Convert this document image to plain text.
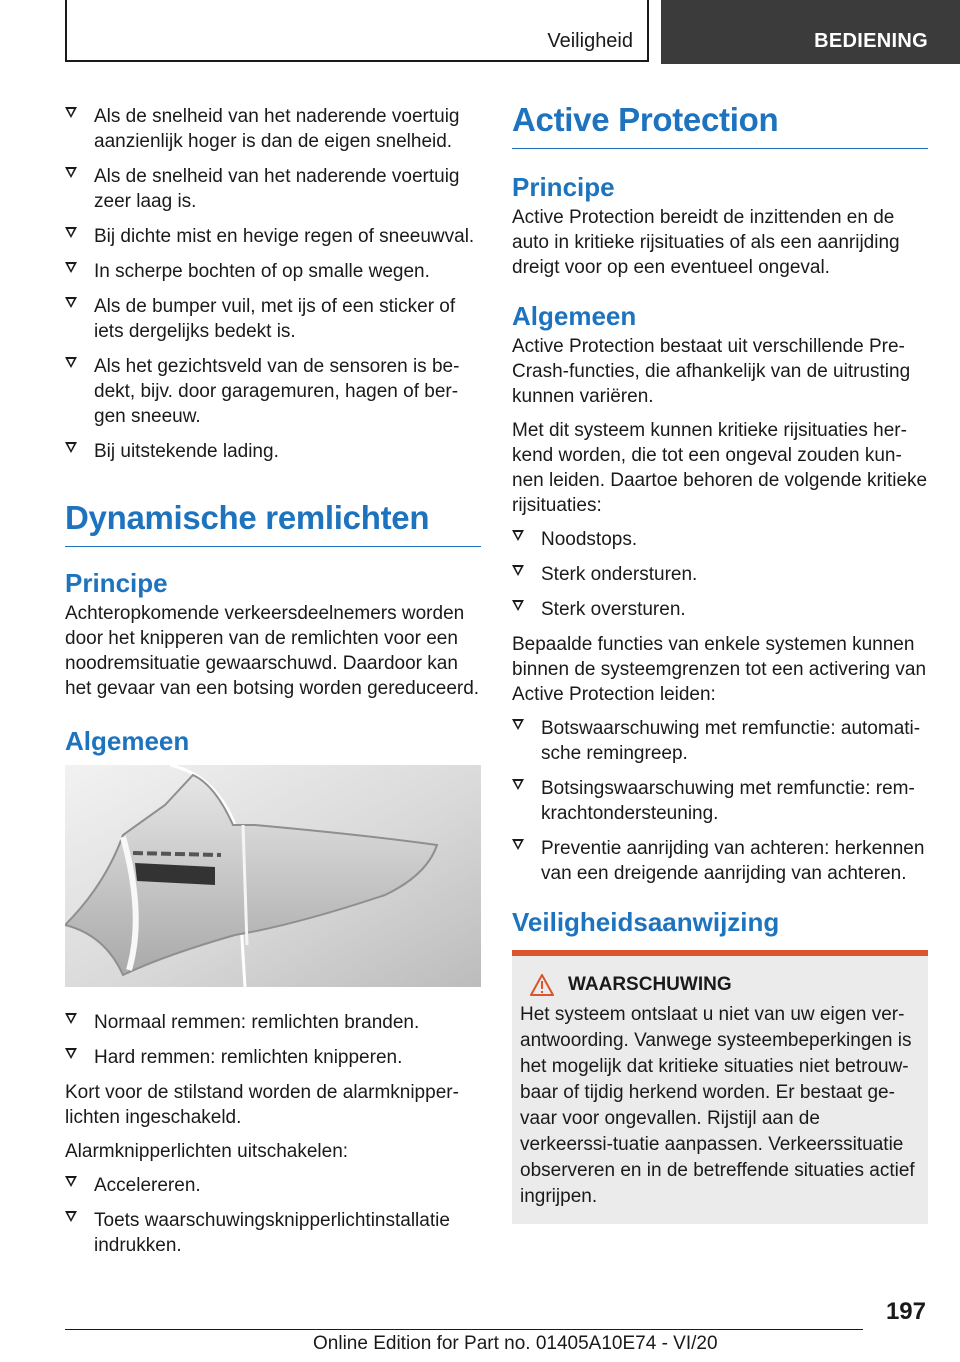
Veiligheid	BEDIENING
Als de snelheid van het naderende voertuig aanzienlijk hoger is dan de eigen snelheid.
Als de snelheid van het naderende voertuig zeer laag is.
Bij dichte mist en hevige regen of sneeuwval.
In scherpe bochten of op smalle wegen.
Als de bumper vuil, met ijs of een sticker of iets dergelijks bedekt is.
Als het gezichtsveld van de sensoren is be‐dekt, bijv. door garagemuren, hagen of ber‐gen sneeuw.
Bij uitstekende lading.
Dynamische remlichten
Principe

Achteropkomende verkeersdeelnemers worden door het knipperen van de remlichten voor een noodremsituatie gewaarschuwd. Daardoor kan het gevaar van een botsing worden gereduceerd.

Algemeen
Normaal remmen: remlichten branden.
Hard remmen: remlichten knipperen.

Kort voor de stilstand worden de alarmknipper‐lichten ingeschakeld.

Alarmknipperlichten uitschakelen:

Accelereren.
Toets waarschuwingsknipperlichtinstallatie indrukken.
Active Protection
Principe

Active Protection bereidt de inzittenden en de auto in kritieke rijsituaties of als een aanrijding dreigt voor op een eventueel ongeval.

Algemeen

Active Protection bestaat uit verschillende Pre-Crash-functies, die afhankelijk van de uitrusting kunnen variëren.

Met dit systeem kunnen kritieke rijsituaties her‐kend worden, die tot een ongeval zouden kun‐nen leiden. Daartoe behoren de volgende kritieke rijsituaties:

Noodstops.
Sterk ondersturen.
Sterk oversturen.

Bepaalde functies van enkele systemen kunnen binnen de systeemgrenzen tot een activering van Active Protection leiden:

Botswaarschuwing met remfunctie: automati‐sche remingreep.
Botsingswaarschuwing met remfunctie: rem‐krachtondersteuning.
Preventie aanrijding van achteren: herkennen van een dreigende aanrijding van achteren.
Veiligheidsaanwijzing
WAARSCHUWING

Het systeem ontslaat u niet van uw eigen ver‐antwoording. Vanwege systeembeperkingen is het mogelijk dat kritieke situaties niet betrouw‐baar of tijdig herkend worden. Er bestaat ge‐vaar voor ongevallen. Rijstijl aan de verkeerssi‐tuatie aanpassen. Verkeerssituatie observeren en in de betreffende situaties actief ingrijpen.

197
Online Edition for Part no. 01405A10E74 - VI/20
